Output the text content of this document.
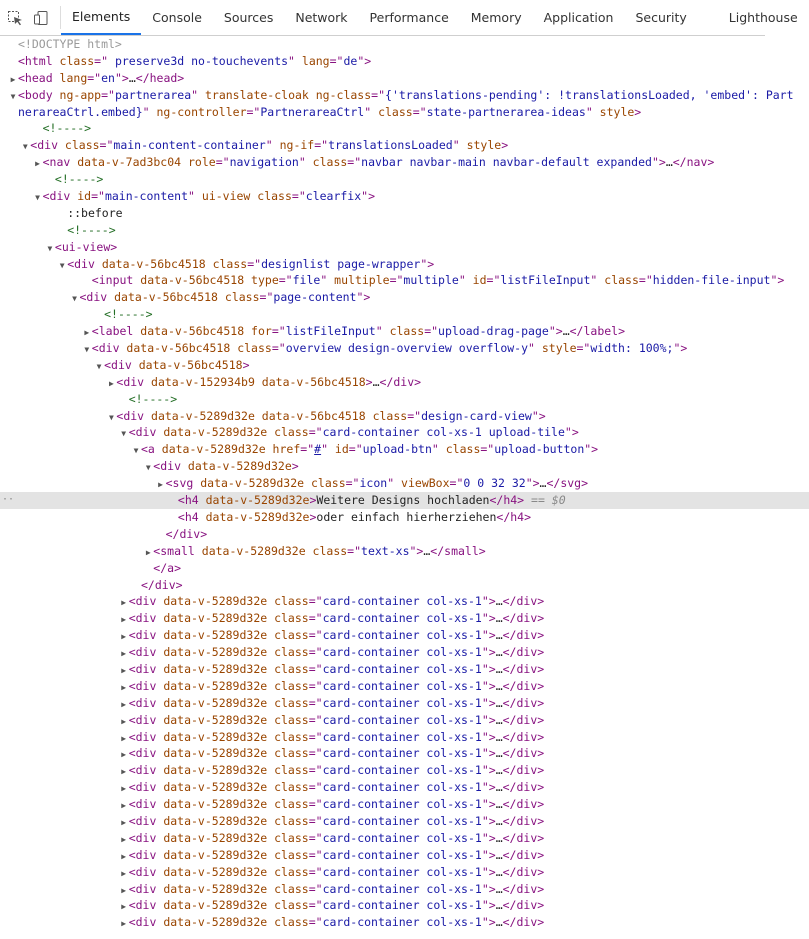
Elements	Console	Sources	Network	Performance	Memory	Application	Security	Lighthouse
<!DOCTYPE html>
<html class=" preserve3d no-touchevents" lang="de">
▶ <head lang="en">…</head>
▼ <body ng-app="partnerarea" translate-cloak ng-class="{'translations-pending': !translationsLoaded, 'embed': Part
nerareaCtrl.embed}" ng-controller="PartnerareaCtrl" class="state-partnerarea-ideas" style>
<!---->
▼ <div class="main-content-container" ng-if="translationsLoaded" style>
▶ <nav data-v-7ad3bc04 role="navigation" class="navbar navbar-main navbar-default expanded">…</nav>
<!---->
▼ <div id="main-content" ui-view class="clearfix">
::before
<!---->
▼ <ui-view>
▼ <div data-v-56bc4518 class="designlist page-wrapper">
<input data-v-56bc4518 type="file" multiple="multiple" id="listFileInput" class="hidden-file-input">
▼ <div data-v-56bc4518 class="page-content">
<!---->
▶ <label data-v-56bc4518 for="listFileInput" class="upload-drag-page">…</label>
▼ <div data-v-56bc4518 class="overview design-overview overflow-y" style="width: 100%;">
▼ <div data-v-56bc4518>
▶ <div data-v-152934b9 data-v-56bc4518>…</div>
<!---->
▼ <div data-v-5289d32e data-v-56bc4518 class="design-card-view">
▼ <div data-v-5289d32e class="card-container col-xs-1 upload-tile">
▼ <a data-v-5289d32e href="#" id="upload-btn" class="upload-button">
▼ <div data-v-5289d32e>
▶ <svg data-v-5289d32e class="icon" viewBox="0 0 32 32">…</svg>
··	<h4 data-v-5289d32e>Weitere Designs hochladen</h4> == $0
<h4 data-v-5289d32e>oder einfach hierherziehen</h4>
</div>
▶ <small data-v-5289d32e class="text-xs">…</small>
</a>
</div>
▶ <div data-v-5289d32e class="card-container col-xs-1">…</div>
▶ <div data-v-5289d32e class="card-container col-xs-1">…</div>
▶ <div data-v-5289d32e class="card-container col-xs-1">…</div>
▶ <div data-v-5289d32e class="card-container col-xs-1">…</div>
▶ <div data-v-5289d32e class="card-container col-xs-1">…</div>
▶ <div data-v-5289d32e class="card-container col-xs-1">…</div>
▶ <div data-v-5289d32e class="card-container col-xs-1">…</div>
▶ <div data-v-5289d32e class="card-container col-xs-1">…</div>
▶ <div data-v-5289d32e class="card-container col-xs-1">…</div>
▶ <div data-v-5289d32e class="card-container col-xs-1">…</div>
▶ <div data-v-5289d32e class="card-container col-xs-1">…</div>
▶ <div data-v-5289d32e class="card-container col-xs-1">…</div>
▶ <div data-v-5289d32e class="card-container col-xs-1">…</div>
▶ <div data-v-5289d32e class="card-container col-xs-1">…</div>
▶ <div data-v-5289d32e class="card-container col-xs-1">…</div>
▶ <div data-v-5289d32e class="card-container col-xs-1">…</div>
▶ <div data-v-5289d32e class="card-container col-xs-1">…</div>
▶ <div data-v-5289d32e class="card-container col-xs-1">…</div>
▶ <div data-v-5289d32e class="card-container col-xs-1">…</div>
▶ <div data-v-5289d32e class="card-container col-xs-1">…</div>
